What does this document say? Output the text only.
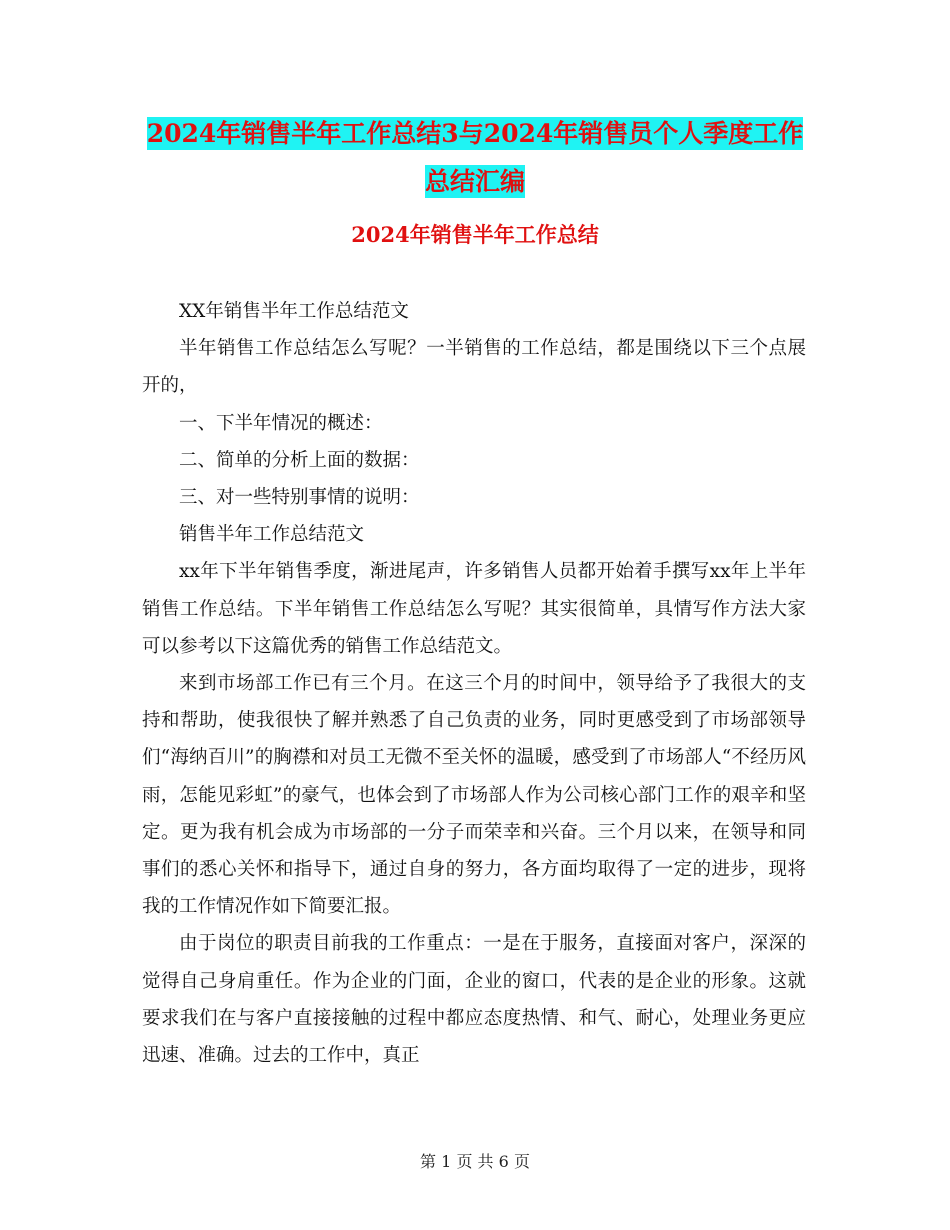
2024年销售半年工作总结3与2024年销售员个人季度工作总结汇编
2024年销售半年工作总结

XX年销售半年工作总结范文

半年销售工作总结怎么写呢？一半销售的工作总结，都是围绕以下三个点展开的，

一、下半年情况的概述：

二、简单的分析上面的数据：

三、对一些特别事情的说明：

销售半年工作总结范文

xx年下半年销售季度，渐进尾声，许多销售人员都开始着手撰写xx年上半年销售工作总结。下半年销售工作总结怎么写呢？其实很简单，具情写作方法大家可以参考以下这篇优秀的销售工作总结范文。

来到市场部工作已有三个月。在这三个月的时间中，领导给予了我很大的支持和帮助，使我很快了解并熟悉了自己负责的业务，同时更感受到了市场部领导们“海纳百川”的胸襟和对员工无微不至关怀的温暖，感受到了市场部人“不经历风雨，怎能见彩虹”的豪气，也体会到了市场部人作为公司核心部门工作的艰辛和坚定。更为我有机会成为市场部的一分子而荣幸和兴奋。三个月以来，在领导和同事们的悉心关怀和指导下，通过自身的努力，各方面均取得了一定的进步，现将我的工作情况作如下简要汇报。

由于岗位的职责目前我的工作重点：一是在于服务，直接面对客户，深深的觉得自己身肩重任。作为企业的门面，企业的窗口，代表的是企业的形象。这就要求我们在与客户直接接触的过程中都应态度热情、和气、耐心，处理业务更应迅速、准确。过去的工作中，真正

第 1 页 共 6 页
